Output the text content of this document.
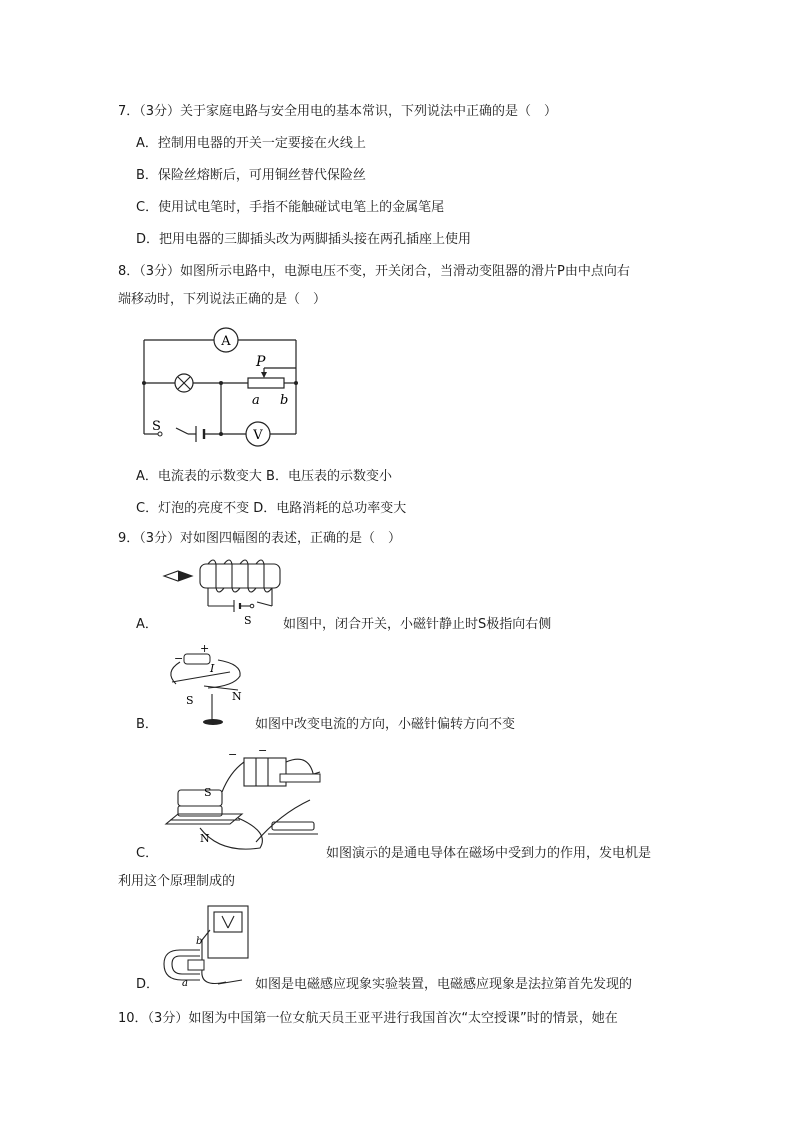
7．（3分）关于家庭电路与安全用电的基本常识，下列说法中正确的是（　）
A．控制用电器的开关一定要接在火线上
B．保险丝熔断后，可用铜丝替代保险丝
C．使用试电笔时，手指不能触碰试电笔上的金属笔尾
D．把用电器的三脚插头改为两脚插头接在两孔插座上使用
8．（3分）如图所示电路中，电源电压不变，开关闭合，当滑动变阻器的滑片P由中点向右
端移动时，下列说法正确的是（　）
A
V
P
a b
S
A．电流表的示数变大 B．电压表的示数变小
C．灯泡的亮度不变 D．电路消耗的总功率变大
9．（3分）对如图四幅图的表述，正确的是（　）
S
A．	如图中，闭合开关，小磁针静止时S极指向右侧
+
−
I
S	N
B．	如图中改变电流的方向，小磁针偏转方向不变
S
N
− −
C．	如图演示的是通电导体在磁场中受到力的作用，发电机是
利用这个原理制成的
b
a
D．	如图是电磁感应现象实验装置，电磁感应现象是法拉第首先发现的
10．（3分）如图为中国第一位女航天员王亚平进行我国首次“太空授课”时的情景，她在
